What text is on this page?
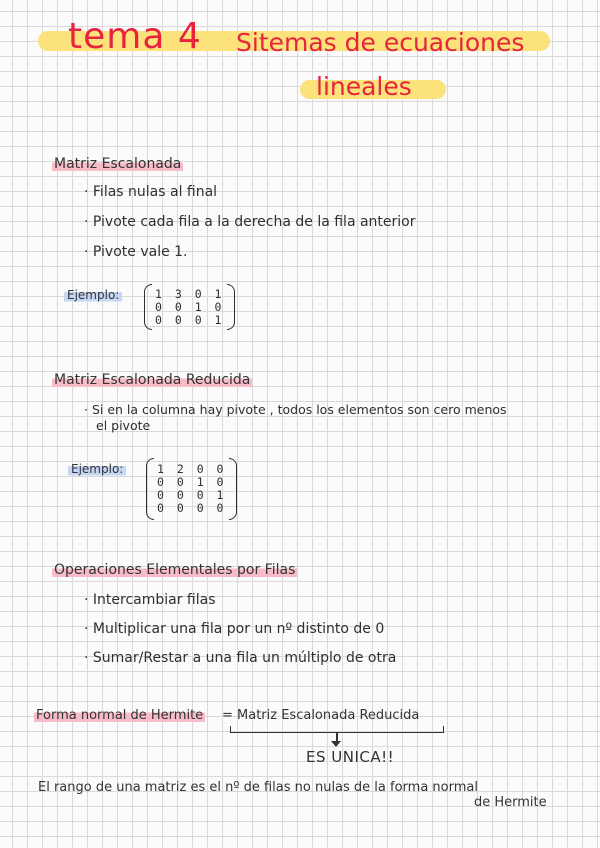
tema 4 Sitemas de ecuaciones
lineales
Matriz Escalonada
· Filas nulas al final
· Pivote cada fila a la derecha de la fila anterior
· Pivote vale 1.
Ejemplo:	1 3 0 1
0 0 1 0
0 0 0 1
Matriz Escalonada Reducida
· Si en la columna hay pivote , todos los elementos son cero menos
el pivote
Ejemplo:	1 2 0 0
0 0 1 0
0 0 0 1
0 0 0 0
Operaciones Elementales por Filas
· Intercambiar filas
· Multiplicar una fila por un nº distinto de 0
· Sumar/Restar a una fila un múltiplo de otra
Forma normal de Hermite = Matriz Escalonada Reducida
ES UNICA!!
El rango de una matriz es el nº de filas no nulas de la forma normal
de Hermite
